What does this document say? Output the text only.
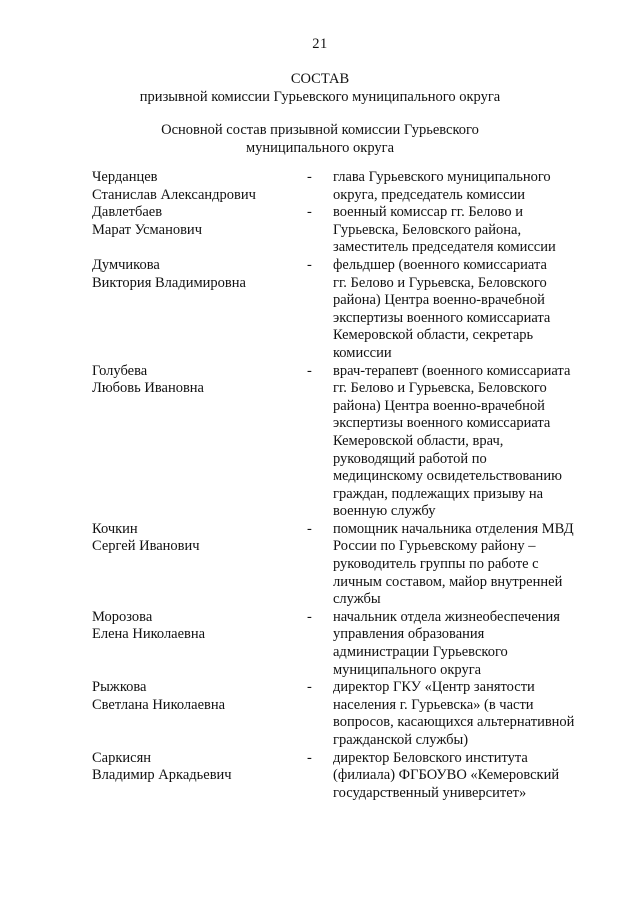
21
СОСТАВ
призывной комиссии Гурьевского муниципального округа
Основной состав призывной комиссии Гурьевского
муниципального округа
Черданцев
Станислав Александрович
-	глава Гурьевского муниципального
округа, председатель комиссии
Давлетбаев
Марат Усманович
-	военный комиссар гг. Белово и
Гурьевска, Беловского района,
заместитель председателя комиссии
Думчикова
Виктория Владимировна
-	фельдшер (военного комиссариата
гг. Белово и Гурьевска, Беловского
района) Центра военно-врачебной
экспертизы военного комиссариата
Кемеровской области, секретарь
комиссии
Голубева
Любовь Ивановна
-	врач-терапевт (военного комиссариата
гг. Белово и Гурьевска, Беловского
района) Центра военно-врачебной
экспертизы военного комиссариата
Кемеровской области, врач,
руководящий работой по
медицинскому освидетельствованию
граждан, подлежащих призыву на
военную службу
Кочкин
Сергей Иванович
-	помощник начальника отделения МВД
России по Гурьевскому району –
руководитель группы по работе с
личным составом, майор внутренней
службы
Морозова
Елена Николаевна
-	начальник отдела жизнеобеспечения
управления образования
администрации Гурьевского
муниципального округа
Рыжкова
Светлана Николаевна
-	директор ГКУ «Центр занятости
населения г. Гурьевска» (в части
вопросов, касающихся альтернативной
гражданской службы)
Саркисян
Владимир Аркадьевич
-	директор Беловского института
(филиала) ФГБОУВО «Кемеровский
государственный университет»
